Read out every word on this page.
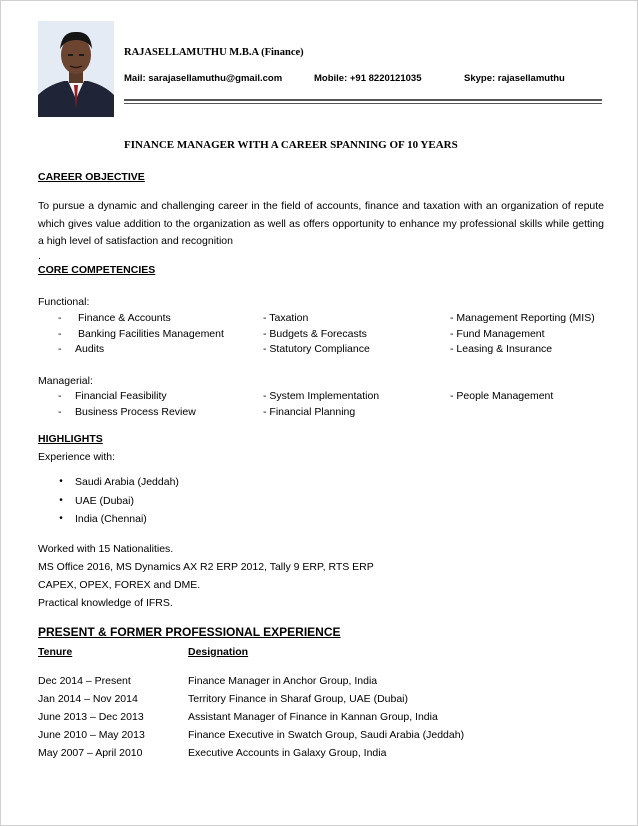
RAJASELLAMUTHU M.B.A (Finance)
Mail: sarajasellamuthu@gmail.com	Mobile: +91 8220121035	Skype: rajasellamuthu
FINANCE MANAGER WITH A CAREER SPANNING OF 10 YEARS
CAREER OBJECTIVE
To pursue a dynamic and challenging career in the field of accounts, finance and taxation with an organization of repute which gives value addition to the organization as well as offers opportunity to enhance my professional skills while getting a high level of satisfaction and recognition
.
CORE COMPETENCIES
Functional:
- Finance & Accounts	- Taxation	- Management Reporting (MIS)
- Banking Facilities Management	- Budgets & Forecasts	- Fund Management
- Audits	- Statutory Compliance	- Leasing & Insurance
Managerial:
- Financial Feasibility	- System Implementation	- People Management
- Business Process Review	- Financial Planning
HIGHLIGHTS
Experience with:
•	Saudi Arabia (Jeddah)
•	UAE (Dubai)
•	India (Chennai)
Worked with 15 Nationalities.
MS Office 2016, MS Dynamics AX R2 ERP 2012, Tally 9 ERP, RTS ERP
CAPEX, OPEX, FOREX and DME.
Practical knowledge of IFRS.
PRESENT & FORMER PROFESSIONAL EXPERIENCE
Tenure	Designation
Dec 2014 – Present	Finance Manager in Anchor Group, India
Jan 2014 – Nov 2014	Territory Finance in Sharaf Group, UAE (Dubai)
June 2013 – Dec 2013	Assistant Manager of Finance in Kannan Group, India
June 2010 – May 2013	Finance Executive in Swatch Group, Saudi Arabia (Jeddah)
May 2007 – April 2010	Executive Accounts in Galaxy Group, India
